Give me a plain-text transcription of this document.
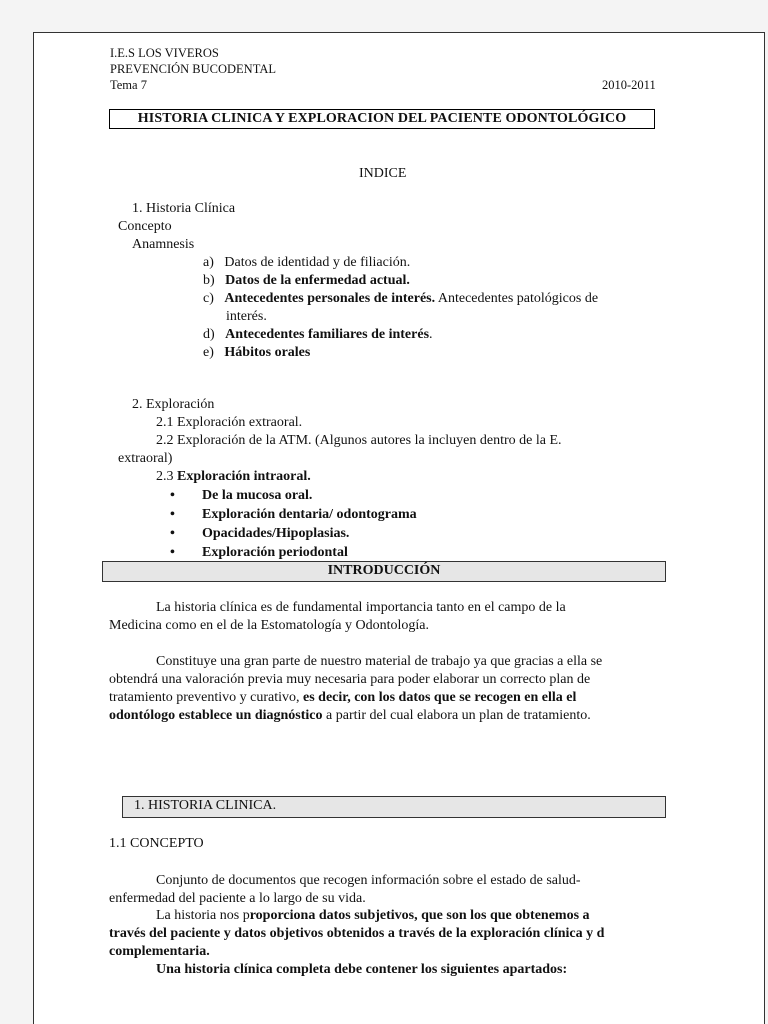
I.E.S LOS VIVEROS
PREVENCIÓN BUCODENTAL
Tema 7	2010-2011
HISTORIA CLINICA Y EXPLORACION DEL PACIENTE ODONTOLÓGICO
INDICE
1. Historia Clínica
Concepto
Anamnesis
a) Datos de identidad y de filiación.
b) Datos de la enfermedad actual.
c) Antecedentes personales de interés. Antecedentes patológicos de
interés.
d) Antecedentes familiares de interés.
e) Hábitos orales
2. Exploración
2.1 Exploración extraoral.
2.2 Exploración de la ATM. (Algunos autores la incluyen dentro de la E.
extraoral)
2.3 Exploración intraoral.
• De la mucosa oral.
• Exploración dentaria/ odontograma
• Opacidades/Hipoplasias.
• Exploración periodontal
INTRODUCCIÓN
La historia clínica es de fundamental importancia tanto en el campo de la
Medicina como en el de la Estomatología y Odontología.
Constituye una gran parte de nuestro material de trabajo ya que gracias a ella se
obtendrá una valoración previa muy necesaria para poder elaborar un correcto plan de
tratamiento preventivo y curativo, es decir, con los datos que se recogen en ella el
odontólogo establece un diagnóstico a partir del cual elabora un plan de tratamiento.
1. HISTORIA CLINICA.
1.1 CONCEPTO
Conjunto de documentos que recogen información sobre el estado de salud-
enfermedad del paciente a lo largo de su vida.
La historia nos proporciona datos subjetivos, que son los que obtenemos a
través del paciente y datos objetivos obtenidos a través de la exploración clínica y d
complementaria.
Una historia clínica completa debe contener los siguientes apartados:
